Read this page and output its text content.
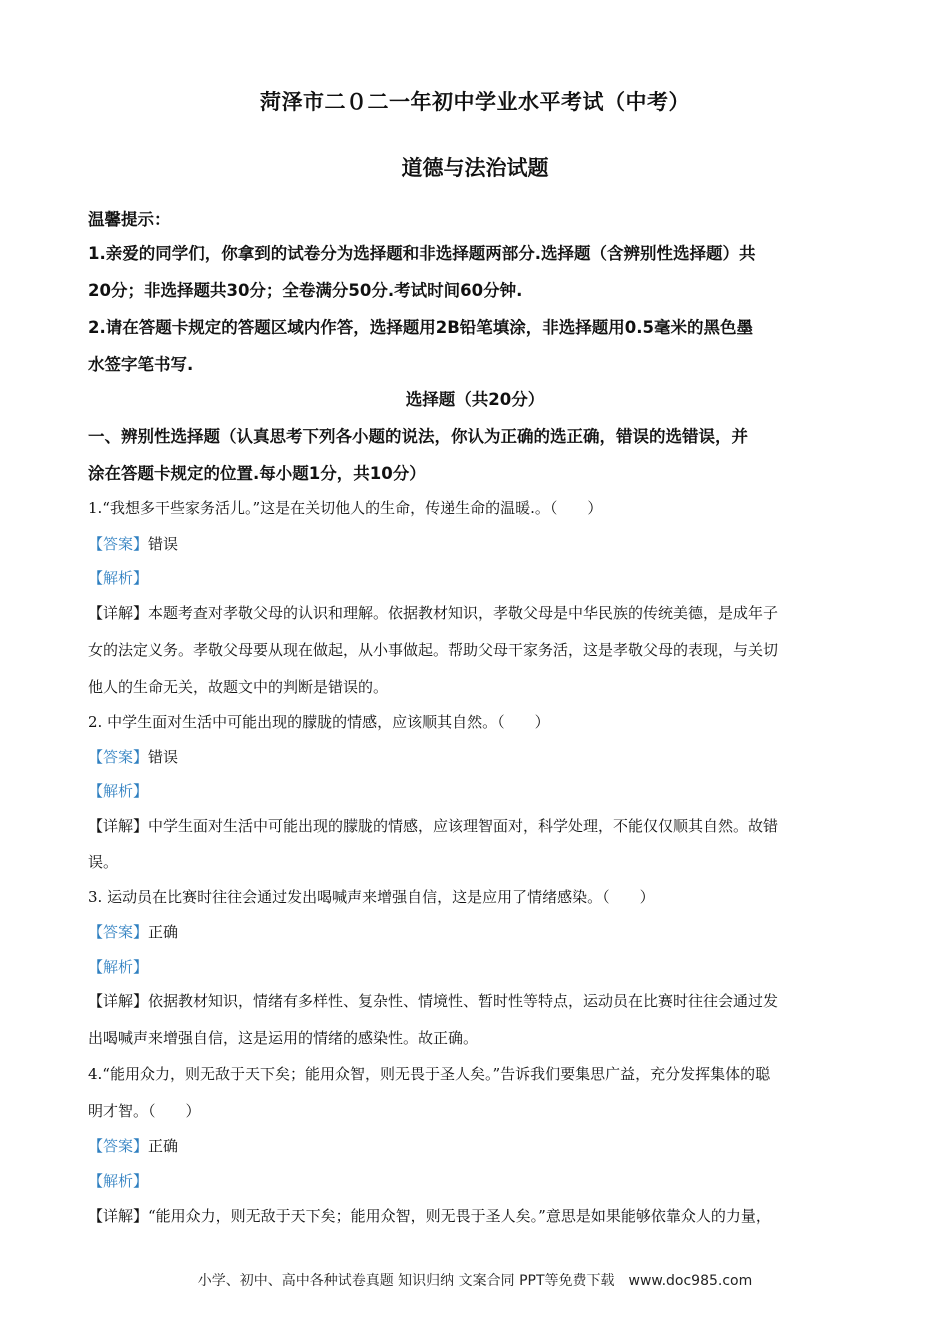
菏泽市二０二一年初中学业水平考试（中考）
道德与法治试题
温馨提示：
1.亲爱的同学们，你拿到的试卷分为选择题和非选择题两部分.选择题（含辨别性选择题）共
20分；非选择题共30分；全卷满分50分.考试时间60分钟.
2.请在答题卡规定的答题区域内作答，选择题用2B铅笔填涂，非选择题用0.5毫米的黑色墨
水签字笔书写.
选择题（共20分）
一、辨别性选择题（认真思考下列各小题的说法，你认为正确的选正确，错误的选错误，并
涂在答题卡规定的位置.每小题1分，共10分）
1.“我想多干些家务活儿。”这是在关切他人的生命，传递生命的温暖.。（　　）
【答案】错误
【解析】
【详解】本题考查对孝敬父母的认识和理解。依据教材知识，孝敬父母是中华民族的传统美德，是成年子
女的法定义务。孝敬父母要从现在做起，从小事做起。帮助父母干家务活，这是孝敬父母的表现，与关切
他人的生命无关，故题文中的判断是错误的。
2. 中学生面对生活中可能出现的朦胧的情感，应该顺其自然。（　　）
【答案】错误
【解析】
【详解】中学生面对生活中可能出现的朦胧的情感，应该理智面对，科学处理，不能仅仅顺其自然。故错
误。
3. 运动员在比赛时往往会通过发出喝喊声来增强自信，这是应用了情绪感染。（　　）
【答案】正确
【解析】
【详解】依据教材知识，情绪有多样性、复杂性、情境性、暂时性等特点，运动员在比赛时往往会通过发
出喝喊声来增强自信，这是运用的情绪的感染性。故正确。
4.“能用众力，则无敌于天下矣；能用众智，则无畏于圣人矣。”告诉我们要集思广益，充分发挥集体的聪
明才智。（　　）
【答案】正确
【解析】
【详解】“能用众力，则无敌于天下矣；能用众智，则无畏于圣人矣。”意思是如果能够依靠众人的力量，
小学、初中、高中各种试卷真题 知识归纳 文案合同 PPT等免费下载　www.doc985.com
